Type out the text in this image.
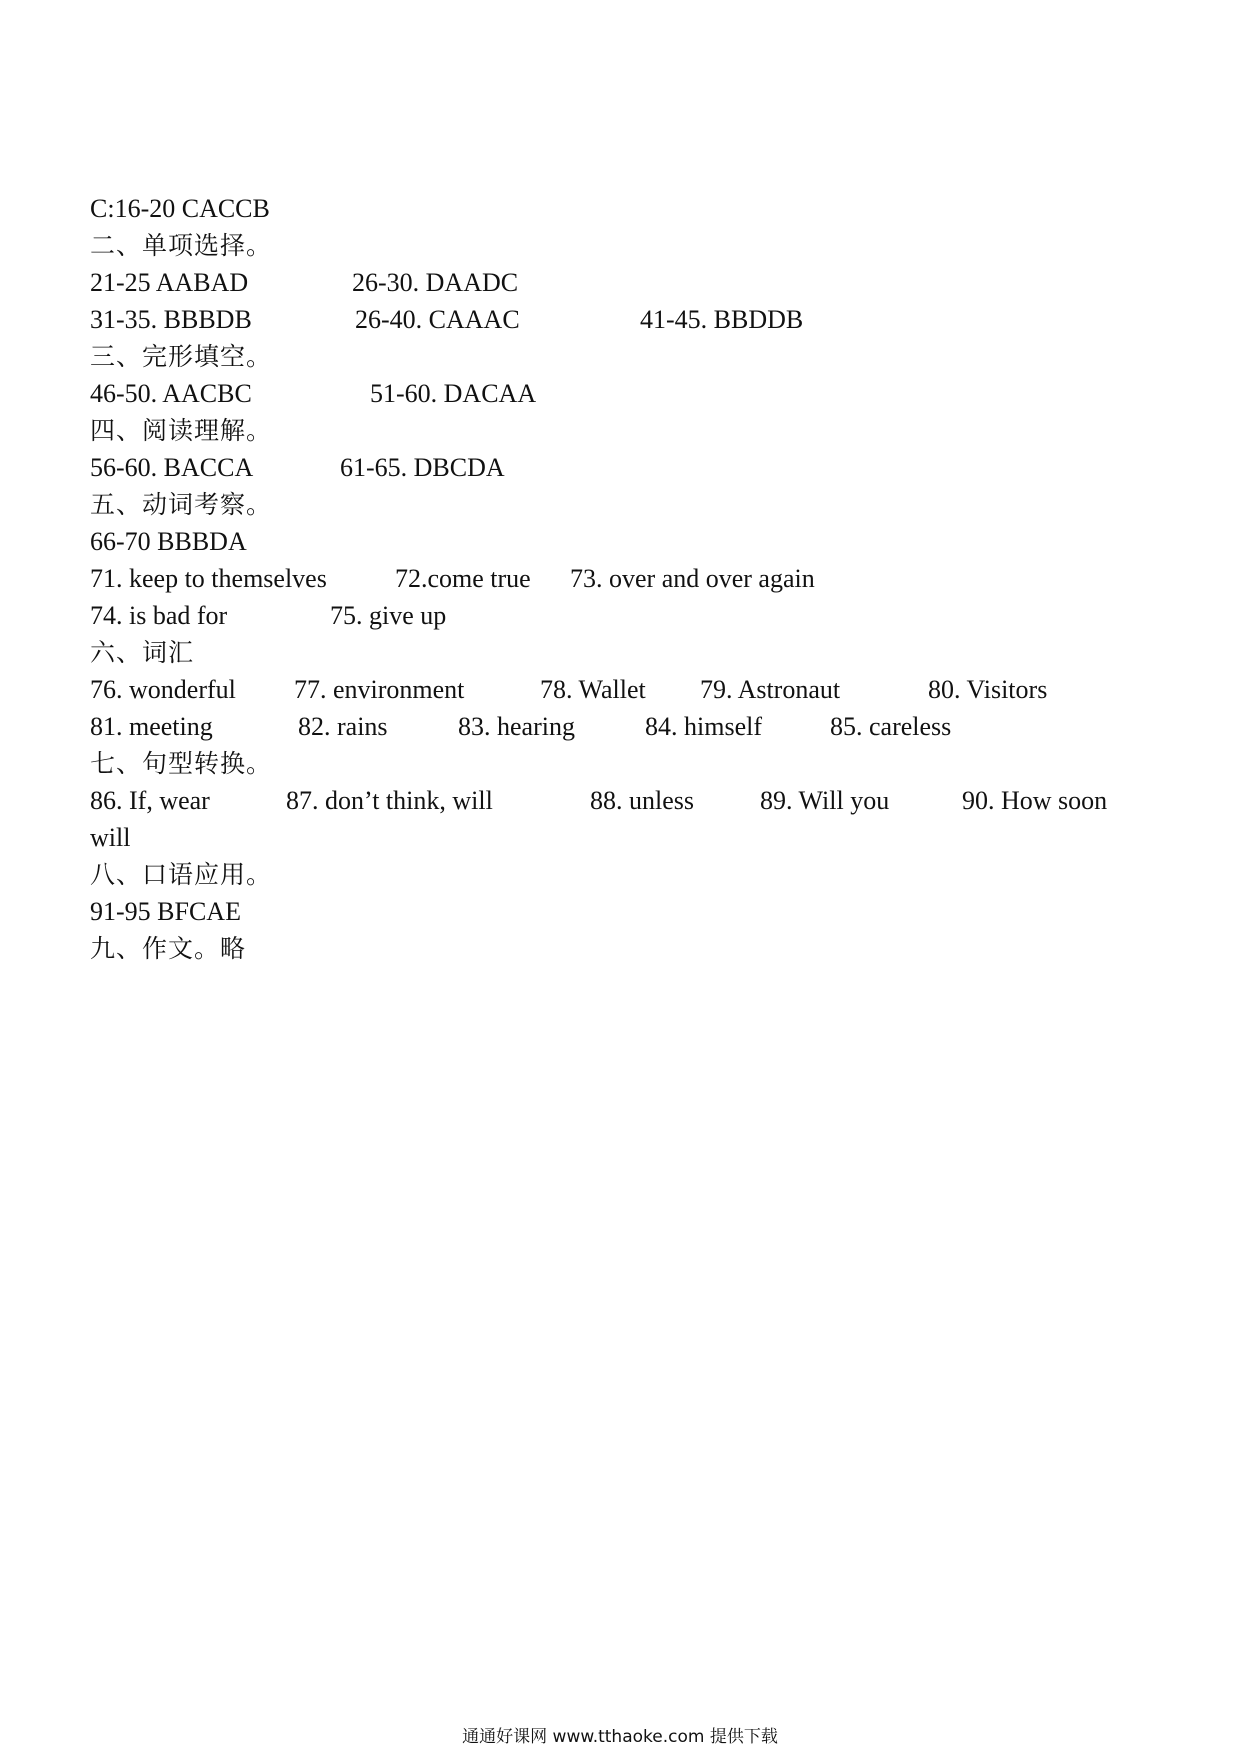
C:16-20 CACCB
二、单项选择。
21-25 AABAD	26-30. DAADC
31-35. BBBDB	26-40. CAAAC	41-45. BBDDB
三、完形填空。
46-50. AACBC	51-60. DACAA
四、阅读理解。
56-60. BACCA	61-65. DBCDA
五、动词考察。
66-70 BBBDA
71. keep to themselves	72.come true 73. over and over again
74. is bad for	75. give up
六、词汇
76. wonderful 77. environment	78. Wallet 79. Astronaut	80. Visitors
81. meeting	82. rains	83. hearing	84. himself	85. careless
七、句型转换。
86. If, wear	87. don’t think, will	88. unless	89. Will you	90. How soon
will
八、口语应用。
91-95 BFCAE
九、作文。略
通通好课网 www.tthaoke.com 提供下载
